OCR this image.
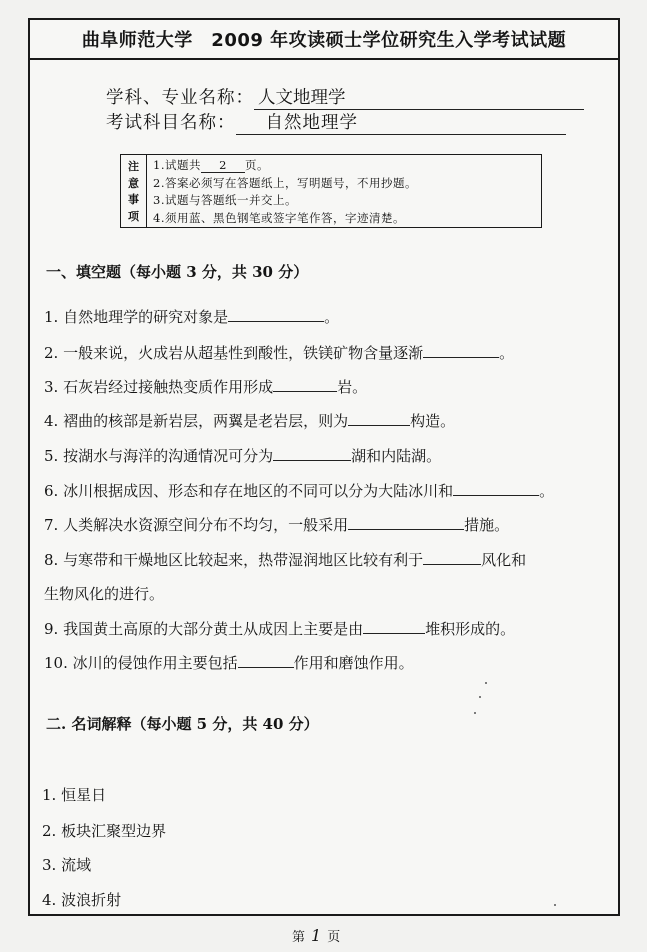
曲阜师范大学　2009 年攻读硕士学位研究生入学考试试题
学科、专业名称： 人文地理学
考试科目名称： 自然地理学
注
意
事
项
1.试题共 2 页。
2.答案必须写在答题纸上，写明题号，不用抄题。
3.试题与答题纸一并交上。
4.须用蓝、黑色钢笔或签字笔作答，字迹清楚。
一、填空题（每小题 3 分，共 30 分）
1. 自然地理学的研究对象是	。
2. 一般来说，火成岩从超基性到酸性，铁镁矿物含量逐渐	。
3. 石灰岩经过接触热变质作用形成	岩。
4. 褶曲的核部是新岩层，两翼是老岩层，则为	构造。
5. 按湖水与海洋的沟通情况可分为	湖和内陆湖。
6. 冰川根据成因、形态和存在地区的不同可以分为大陆冰川和	。
7. 人类解决水资源空间分布不均匀，一般采用	措施。
8. 与寒带和干燥地区比较起来，热带湿润地区比较有利于	风化和
生物风化的进行。
9. 我国黄土高原的大部分黄土从成因上主要是由	堆积形成的。
10. 冰川的侵蚀作用主要包括	作用和磨蚀作用。
二. 名词解释（每小题 5 分，共 40 分）
1. 恒星日
2. 板块汇聚型边界
3. 流域
4. 波浪折射
第 1 页
